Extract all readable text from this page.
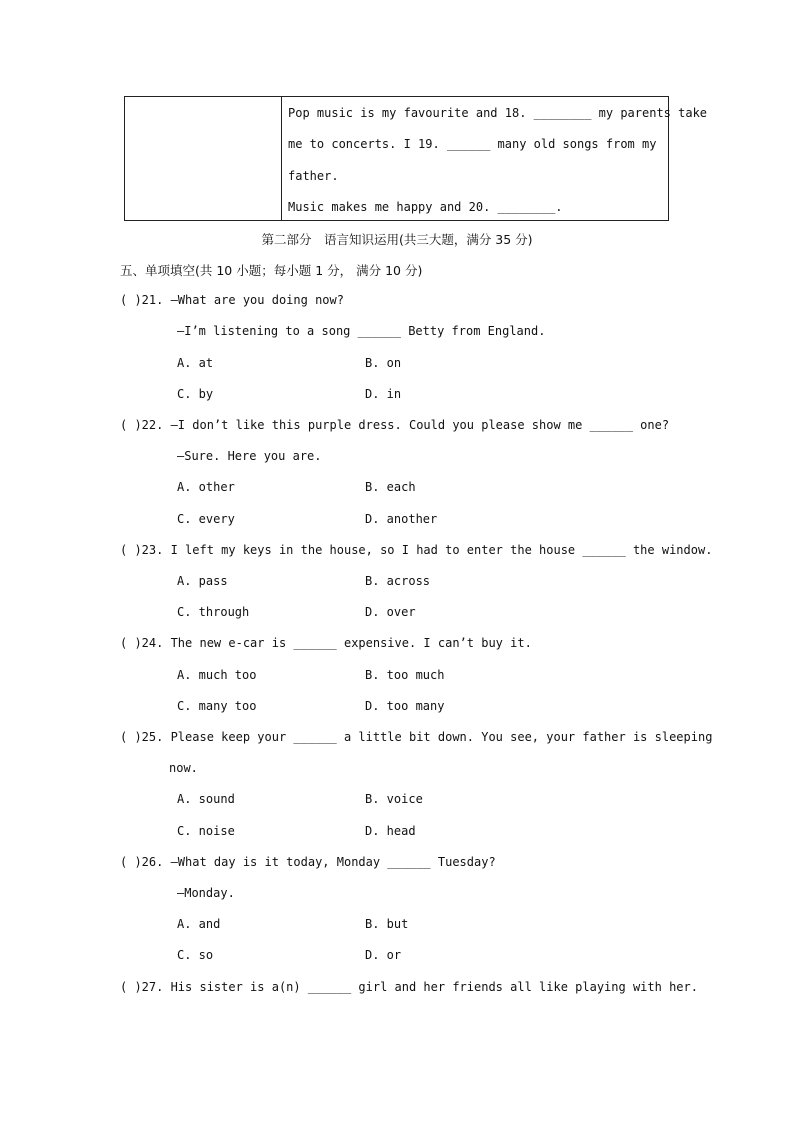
Pop music is my favourite and 18. ________ my parents take
me to concerts. I 19. ______ many old songs from my
father.
Music makes me happy and 20. ________.
第二部分　语言知识运用(共三大题，满分 35 分)
五、单项填空(共 10 小题；每小题 1 分， 满分 10 分)
( )21. —What are you doing now?
—I’m listening to a song ______ Betty from England.
A. at	B. on
C. by	D. in
( )22. —I don’t like this purple dress. Could you please show me ______ one?
—Sure. Here you are.
A. other	B. each
C. every	D. another
( )23. I left my keys in the house, so I had to enter the house ______ the window.
A. pass	B. across
C. through	D. over
( )24. The new e-car is ______ expensive. I can’t buy it.
A. much too	B. too much
C. many too	D. too many
( )25. Please keep your ______ a little bit down. You see, your father is sleeping
now.
A. sound	B. voice
C. noise	D. head
( )26. —What day is it today, Monday ______ Tuesday?
—Monday.
A. and	B. but
C. so	D. or
( )27. His sister is a(n) ______ girl and her friends all like playing with her.
